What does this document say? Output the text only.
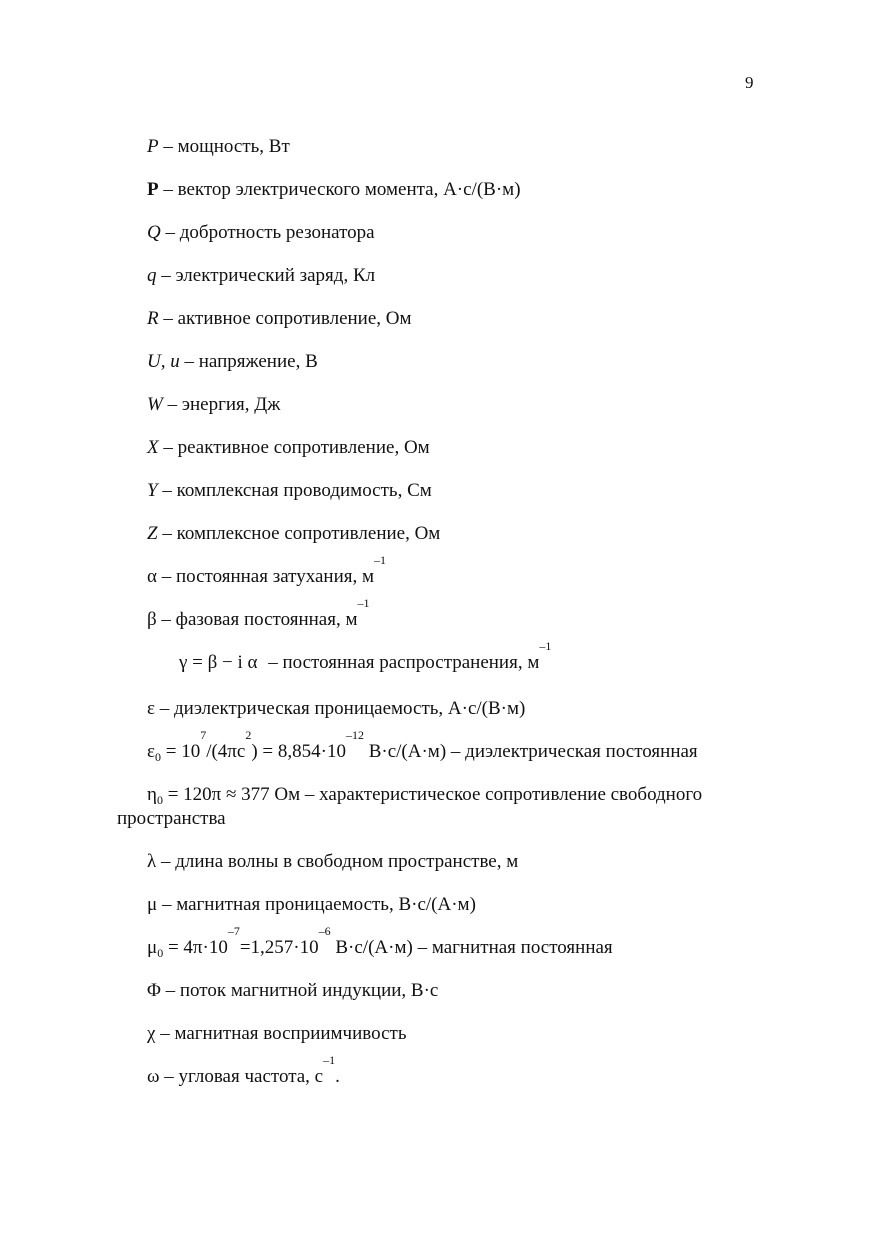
9

P – мощность, Вт

P – вектор электрического момента, А·с/(В·м)

Q – добротность резонатора

q – электрический заряд, Кл

R – активное сопротивление, Ом

U, u – напряжение, В

W – энергия, Дж

X – реактивное сопротивление, Ом

Y – комплексная проводимость, См

Z – комплексное сопротивление, Ом

α – постоянная затухания, $м^{-1}$

β – фазовая постоянная, $м^{-1}$

γ = β − i α – постоянная распространения, $м^{-1}$

ε – диэлектрическая проницаемость, А·с/(В·м)

$\varepsilon_0 = 10^7/(4\pi c^2) = 8,854\cdot 10^{-12}$ В·с/(А·м) – диэлектрическая постоянная

$\eta_0 = 120\pi \approx 377$ Ом – характеристическое сопротивление свободного пространства

λ – длина волны в свободном пространстве, м

μ – магнитная проницаемость, В·с/(А·м)

$\mu_0 = 4\pi\cdot 10^{-7}=1,257\cdot 10^{-6}$ В·с/(А·м) – магнитная постоянная

Φ – поток магнитной индукции, В·с

χ – магнитная восприимчивость

ω – угловая частота, $с^{-1}$.
